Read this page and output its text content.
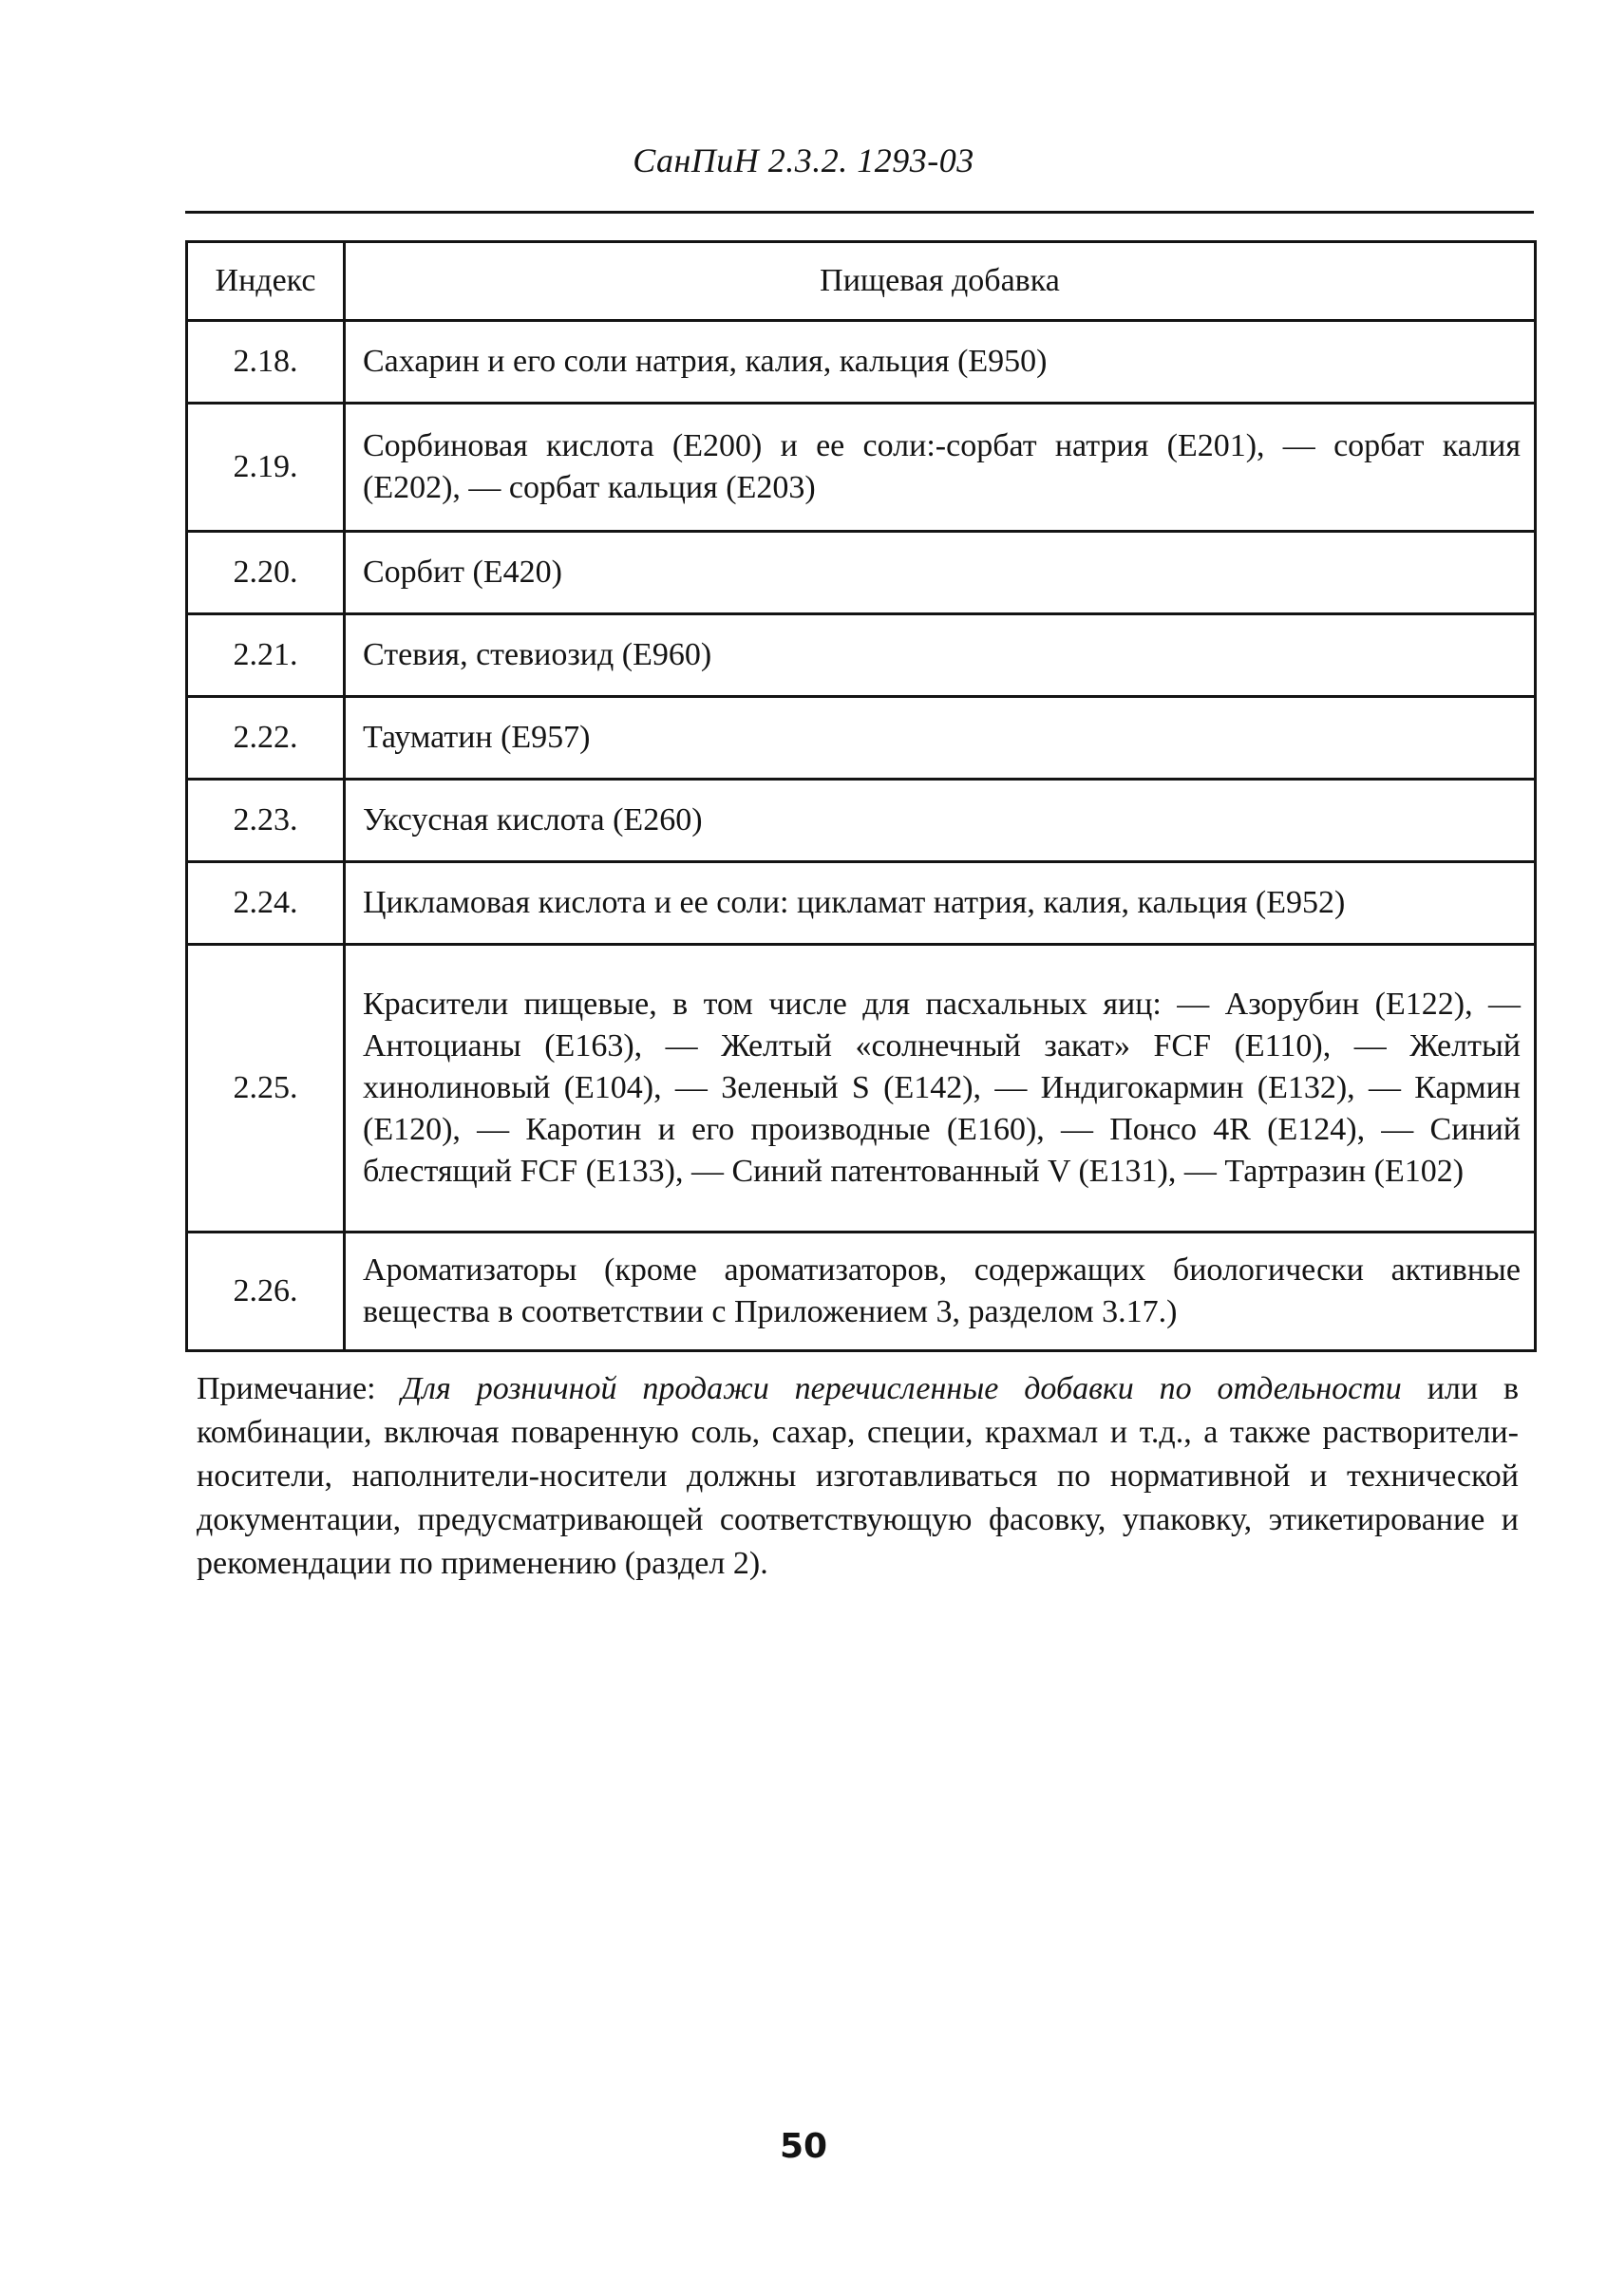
СанПиН 2.3.2. 1293-03
Индекс	Пищевая добавка
2.18.	Сахарин и его соли натрия, калия, кальция (Е950)
2.19.	Сорбиновая кислота (Е200) и ее соли:-сорбат натрия (Е201), — сорбат калия (Е202), — сорбат кальция (Е203)
2.20.	Сорбит (Е420)
2.21.	Стевия, стевиозид (Е960)
2.22.	Тауматин (Е957)
2.23.	Уксусная кислота (Е260)
2.24.	Цикламовая кислота и ее соли: цикламат натрия, калия, кальция (Е952)
2.25.	Красители пищевые, в том числе для пасхальных яиц: — Азорубин (Е122), — Антоцианы (Е163), — Желтый «солнечный закат» FCF (Е110), — Желтый хинолиновый (Е104), — Зеленый S (Е142), — Индигокармин (Е132), — Кармин (Е120), — Каротин и его производные (Е160), — Понсо 4R (Е124), — Синий блестящий FCF (Е133), — Синий патентованный V (Е131), — Тартразин (Е102)
2.26.	Ароматизаторы (кроме ароматизаторов, содержащих биологически активные вещества в соответствии с Приложением 3, разделом 3.17.)
Примечание: Для розничной продажи перечисленные добавки по отдельности или в комбинации, включая поваренную соль, сахар, специи, крахмал и т.д., а также растворители-носители, наполнители-носители должны изготавливаться по нормативной и технической документации, предусматривающей соответствующую фасовку, упаковку, этикетирование и рекомендации по применению (раздел 2).
50
